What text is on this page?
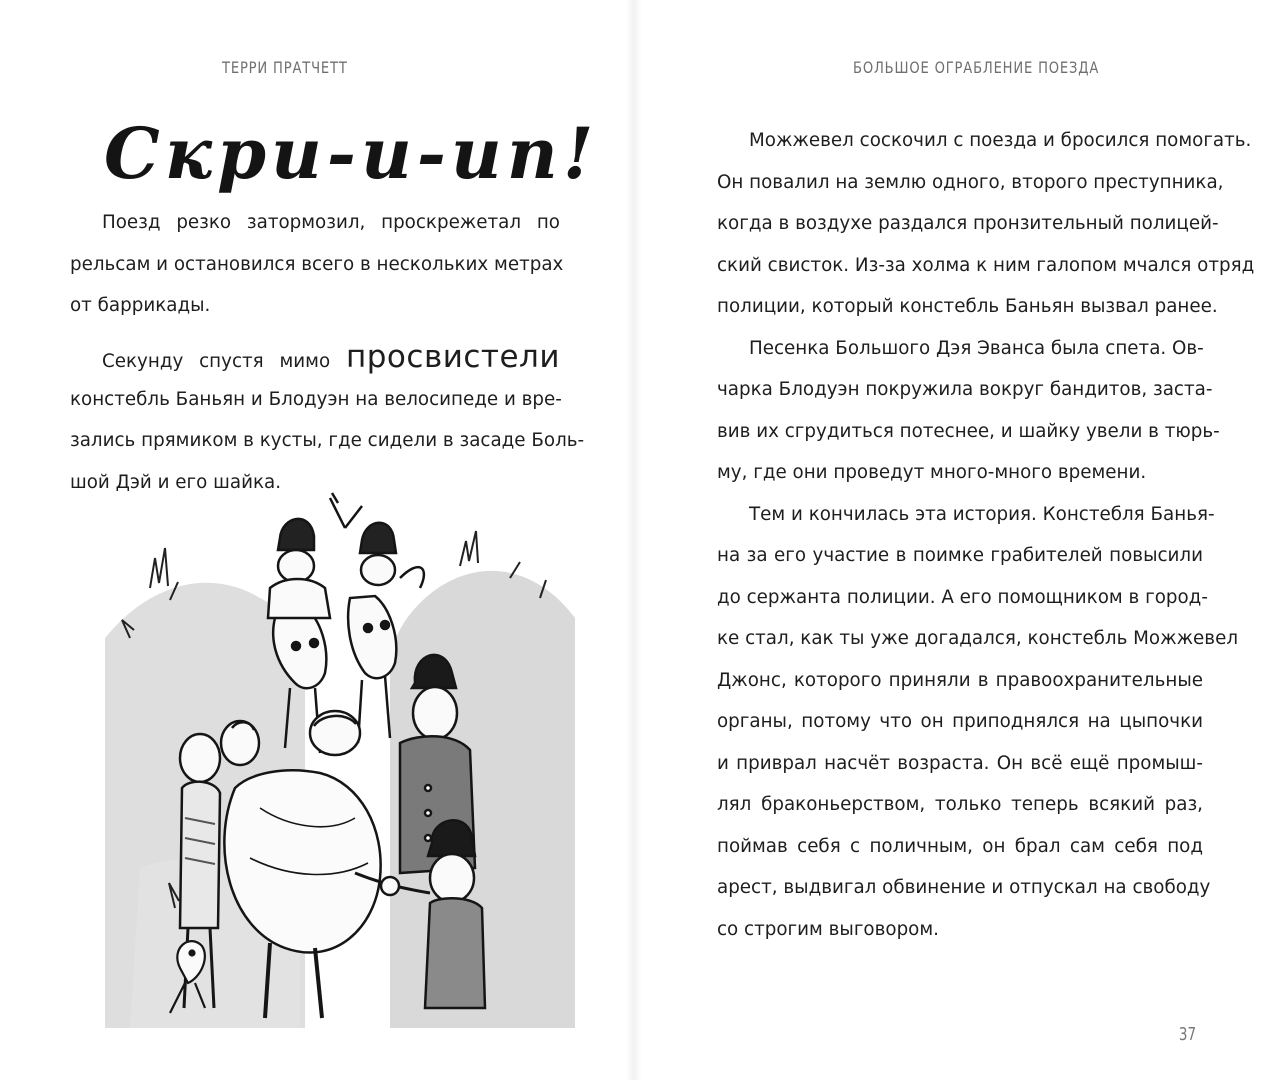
ТЕРРИ ПРАТЧЕТТ
Скри-и-ип!
Поезд резко затормозил, проскрежетал по
рельсам и остановился всего в нескольких метрах
от баррикады.
Секунду спустя мимо просвистели
констебль Баньян и Блодуэн на велосипеде и вре-
зались прямиком в кусты, где сидели в засаде Боль-
шой Дэй и его шайка.
БОЛЬШОЕ ОГРАБЛЕНИЕ ПОЕЗДА
Можжевел соскочил с поезда и бросился помогать.
Он повалил на землю одного, второго преступника,
когда в воздухе раздался пронзительный полицей-
ский свисток. Из-за холма к ним галопом мчался отряд
полиции, который констебль Баньян вызвал ранее.
Песенка Большого Дэя Эванса была спета. Ов-
чарка Блодуэн покружила вокруг бандитов, заста-
вив их сгрудиться потеснее, и шайку увели в тюрь-
му, где они проведут много-много времени.
Тем и кончилась эта история. Констебля Банья-
на за его участие в поимке грабителей повысили
до сержанта полиции. А его помощником в город-
ке стал, как ты уже догадался, констебль Можжевел
Джонс, которого приняли в правоохранительные
органы, потому что он приподнялся на цыпочки
и приврал насчёт возраста. Он всё ещё промыш-
лял браконьерством, только теперь всякий раз,
поймав себя с поличным, он брал сам себя под
арест, выдвигал обвинение и отпускал на свободу
со строгим выговором.
37
